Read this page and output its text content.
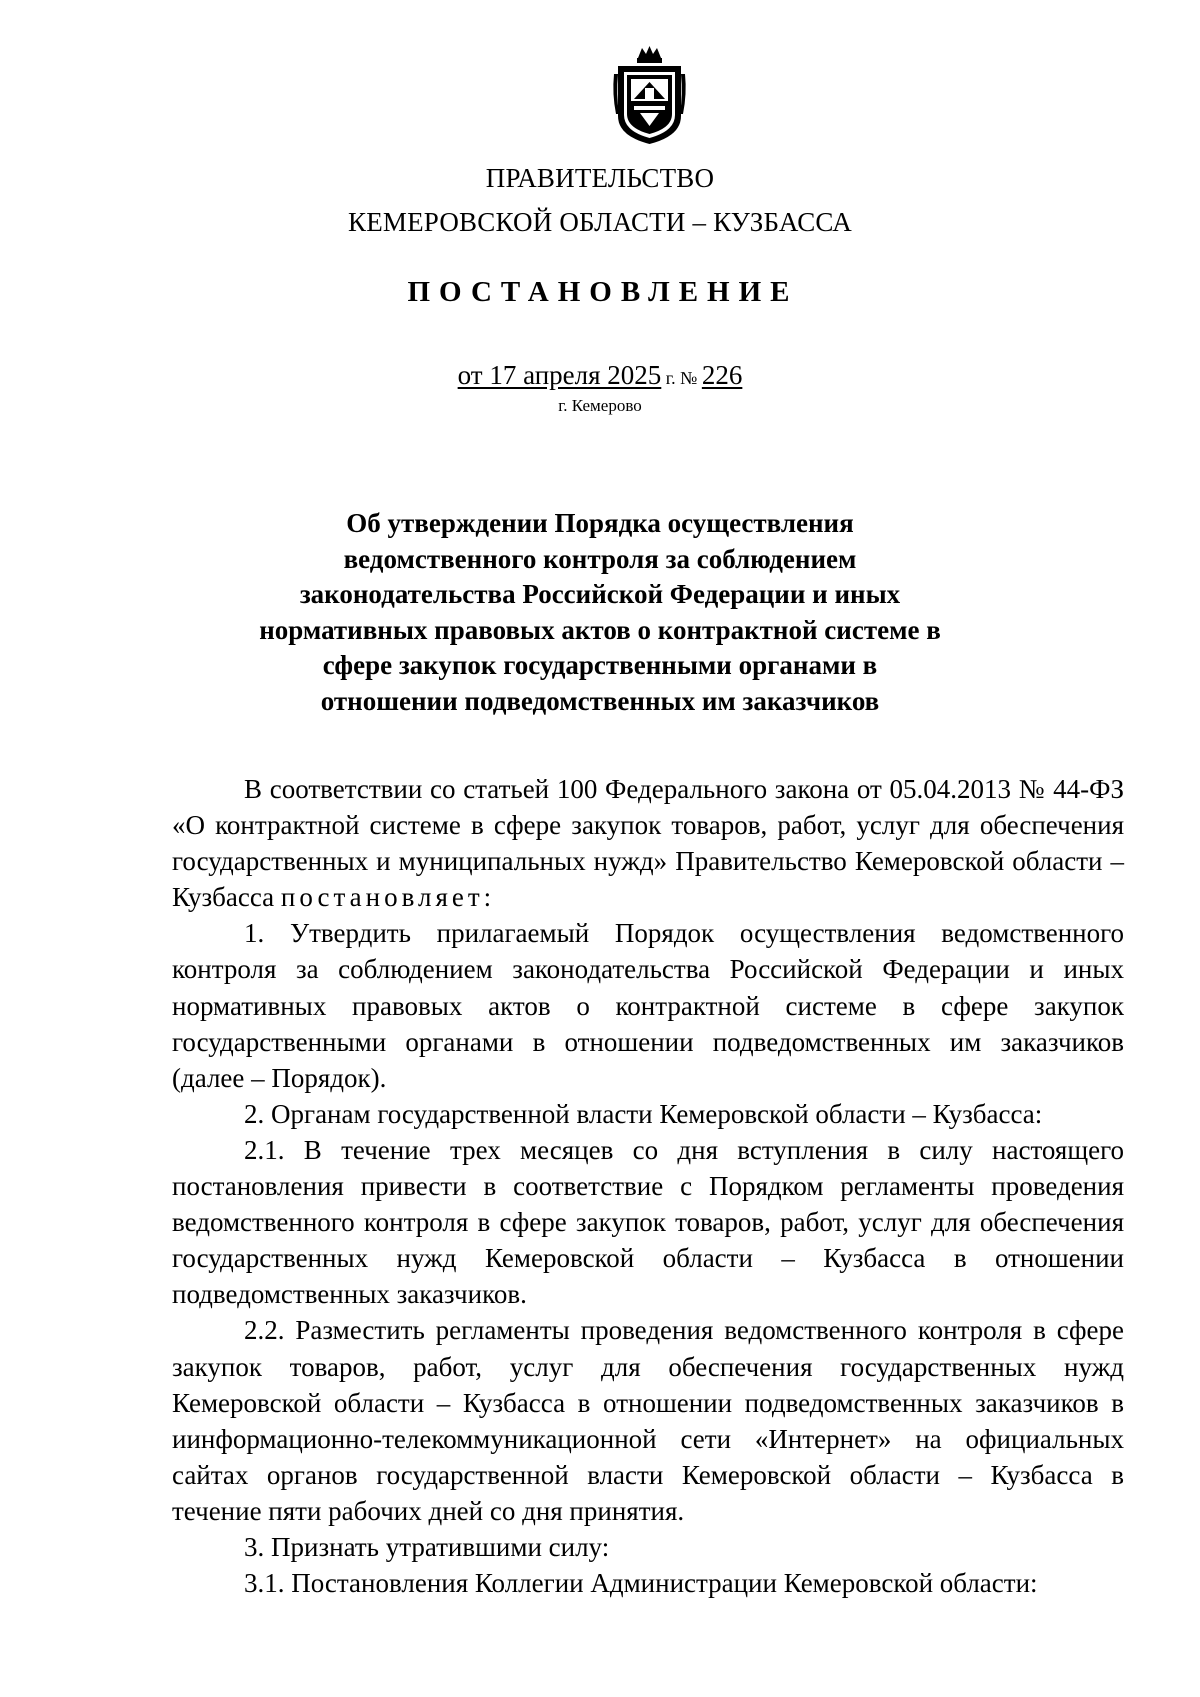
ПРАВИТЕЛЬСТВО
КЕМЕРОВСКОЙ ОБЛАСТИ – КУЗБАССА
ПОСТАНОВЛЕНИЕ
от 17 апреля 2025 г. № 226
г. Кемерово
Об утверждении Порядка осуществления
ведомственного контроля за соблюдением
законодательства Российской Федерации и иных
нормативных правовых актов о контрактной системе в
сфере закупок государственными органами в
отношении подведомственных им заказчиков

В соответствии со статьей 100 Федерального закона от 05.04.2013 № 44-ФЗ «О контрактной системе в сфере закупок товаров, работ, услуг для обеспечения государственных и муниципальных нужд» Правительство Кемеровской области – Кузбасса постановляет:

1. Утвердить прилагаемый Порядок осуществления ведомственного контроля за соблюдением законодательства Российской Федерации и иных нормативных правовых актов о контрактной системе в сфере закупок государственными органами в отношении подведомственных им заказчиков (далее – Порядок).

2. Органам государственной власти Кемеровской области – Кузбасса:

2.1. В течение трех месяцев со дня вступления в силу настоящего постановления привести в соответствие с Порядком регламенты проведения ведомственного контроля в сфере закупок товаров, работ, услуг для обеспечения государственных нужд Кемеровской области – Кузбасса в отношении подведомственных заказчиков.

2.2. Разместить регламенты проведения ведомственного контроля в сфере закупок товаров, работ, услуг для обеспечения государственных нужд Кемеровской области – Кузбасса в отношении подведомственных заказчиков в иинформационно-телекоммуникационной сети «Интернет» на официальных сайтах органов государственной власти Кемеровской области – Кузбасса в течение пяти рабочих дней со дня принятия.

3. Признать утратившими силу:

3.1. Постановления Коллегии Администрации Кемеровской области:
